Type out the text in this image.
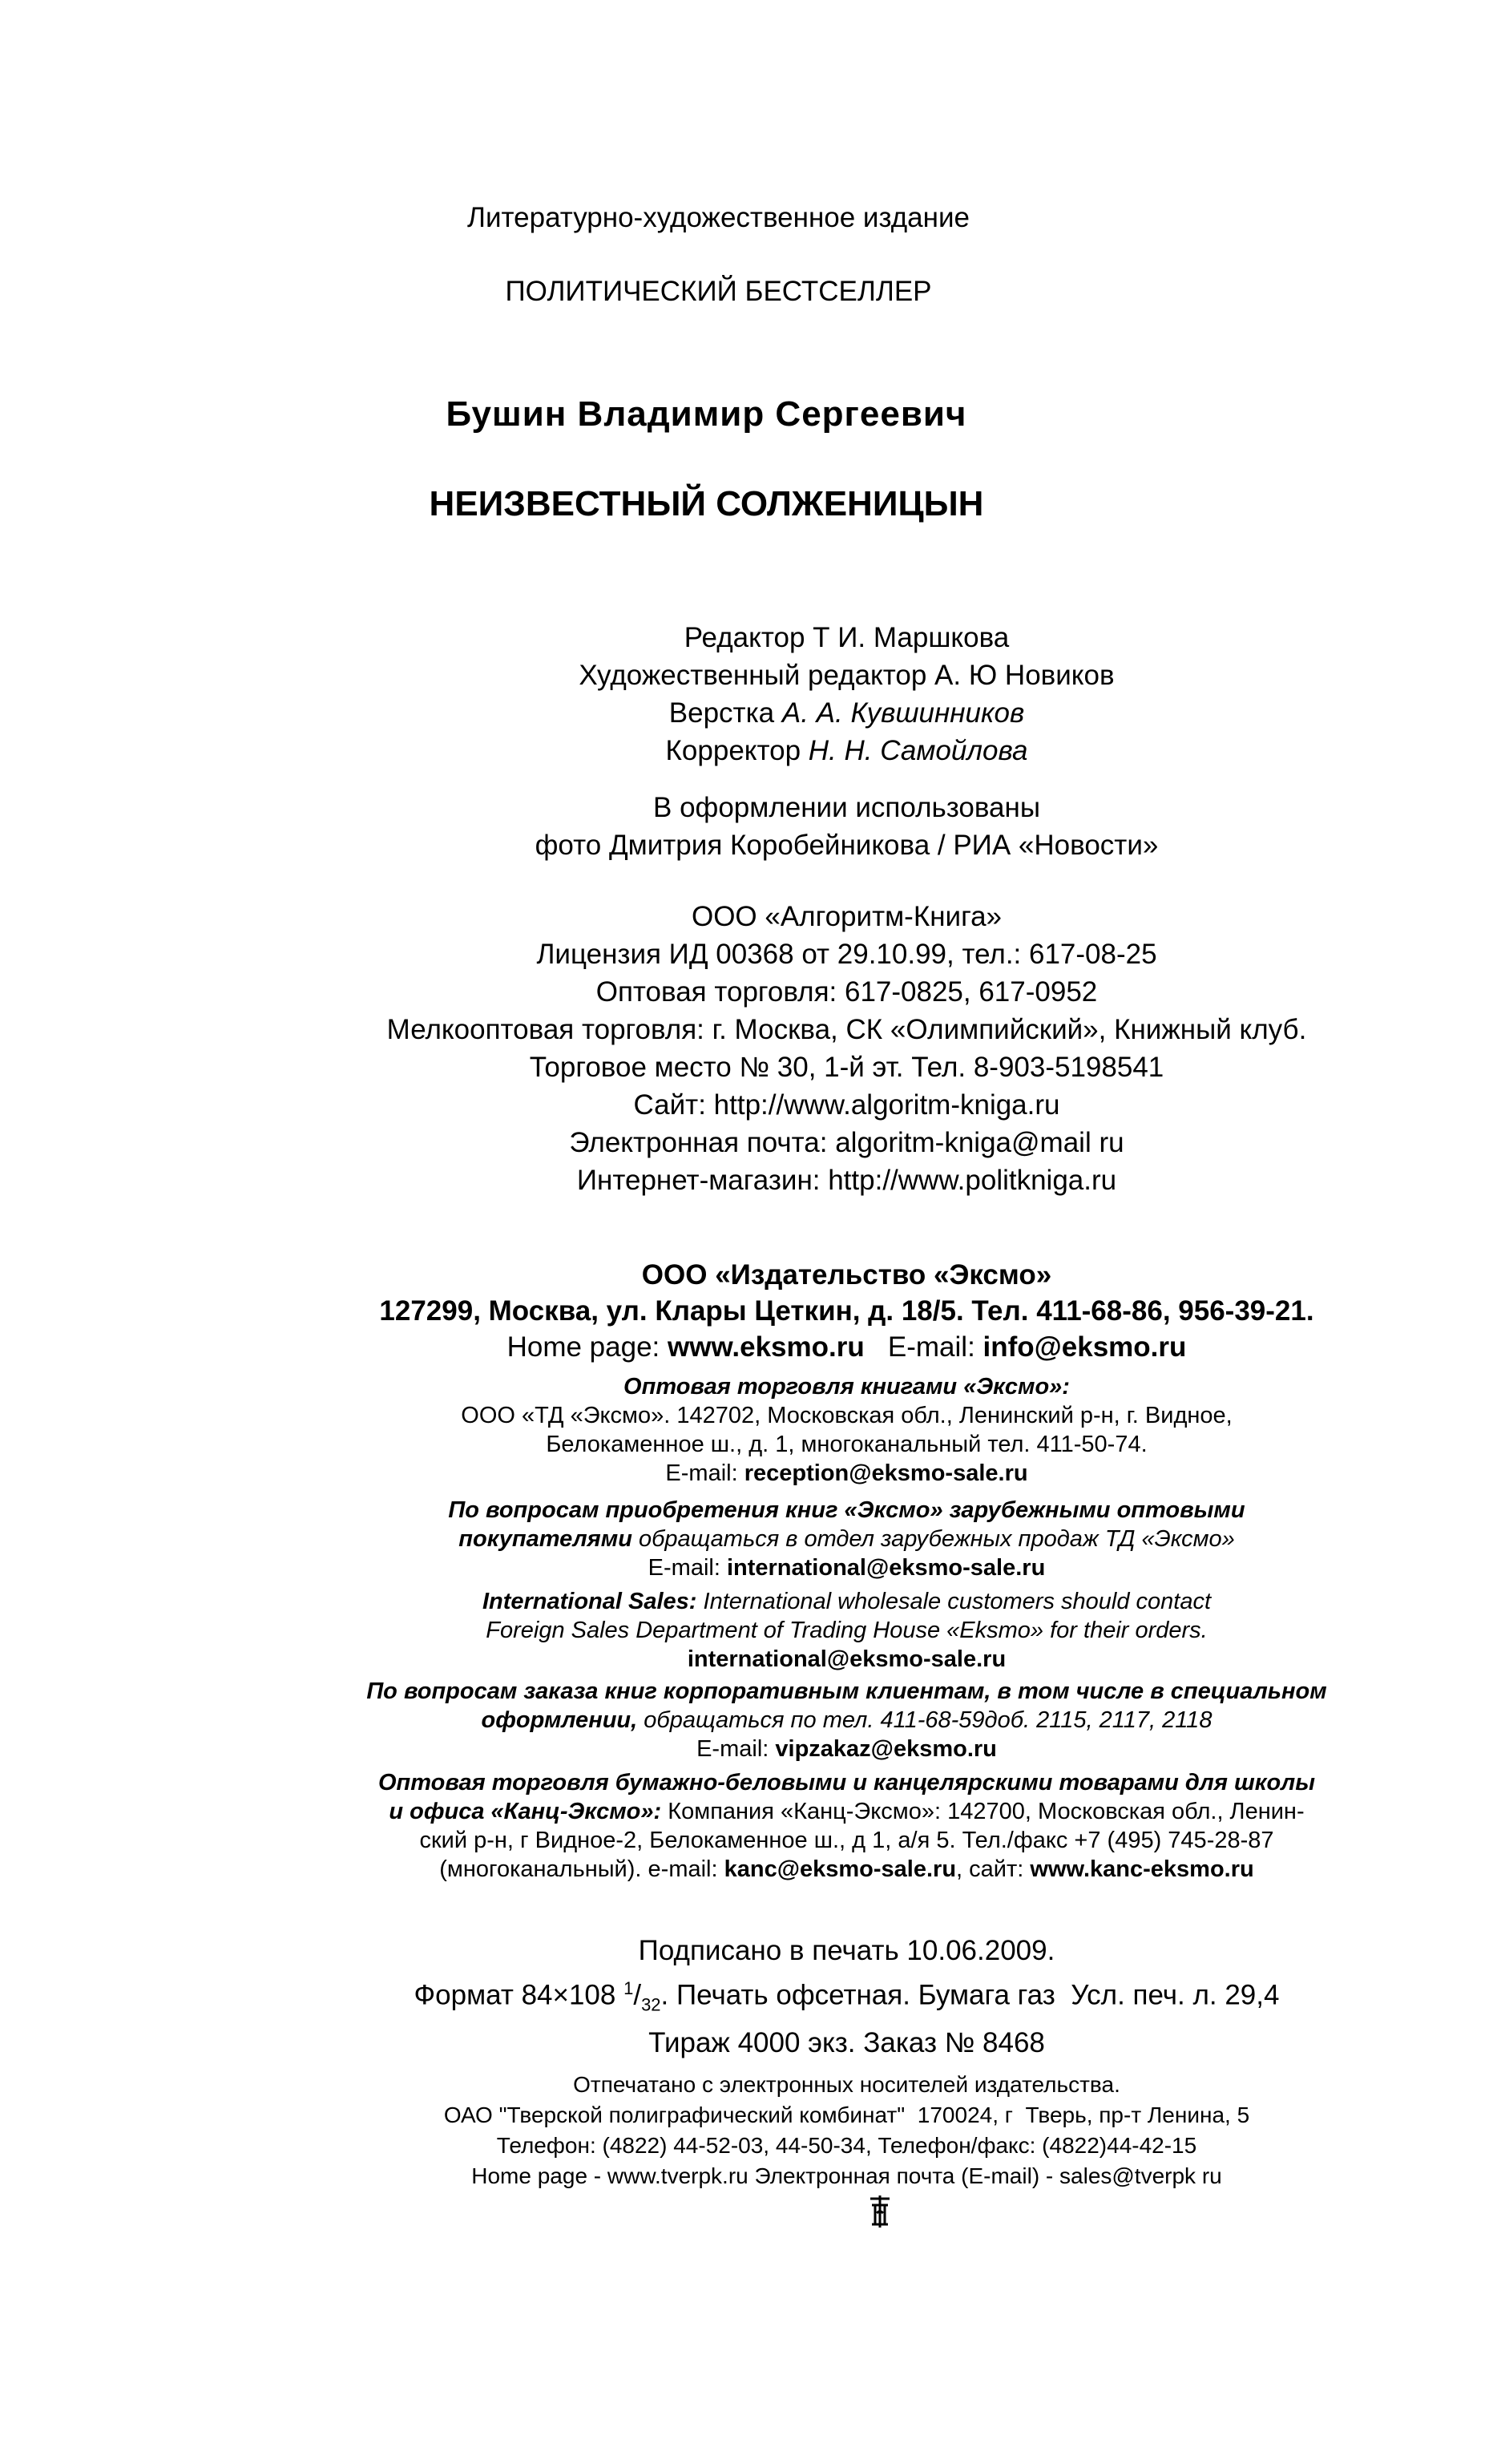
Литературно-художественное издание
ПОЛИТИЧЕСКИЙ БЕСТСЕЛЛЕР
Бушин Владимир Сергеевич
НЕИЗВЕСТНЫЙ СОЛЖЕНИЦЫН
Редактор Т И. Маршкова
Художественный редактор А. Ю Новиков
Верстка А. А. Кувшинников
Корректор Н. Н. Самойлова
В оформлении использованы
фото Дмитрия Коробейникова / РИА «Новости»
ООО «Алгоритм-Книга»
Лицензия ИД 00368 от 29.10.99, тел.: 617-08-25
Оптовая торговля: 617-0825, 617-0952
Мелкооптовая торговля: г. Москва, СК «Олимпийский», Книжный клуб.
Торговое место № 30, 1-й эт. Тел. 8-903-5198541
Сайт: http://www.algoritm-kniga.ru
Электронная почта: algoritm-kniga@mail ru
Интернет-магазин: http://www.politkniga.ru
ООО «Издательство «Эксмо»
127299, Москва, ул. Клары Цеткин, д. 18/5. Тел. 411-68-86, 956-39-21.
Home page: www.eksmo.ru   E-mail: info@eksmo.ru
Оптовая торговля книгами «Эксмо»:
ООО «ТД «Эксмо». 142702, Московская обл., Ленинский р-н, г. Видное,
Белокаменное ш., д. 1, многоканальный тел. 411-50-74.
E-mail: reception@eksmo-sale.ru
По вопросам приобретения книг «Эксмо» зарубежными оптовыми
покупателями обращаться в отдел зарубежных продаж ТД «Эксмо»
E-mail: international@eksmo-sale.ru
International Sales: International wholesale customers should contact
Foreign Sales Department of Trading House «Eksmo» for their orders.
international@eksmo-sale.ru
По вопросам заказа книг корпоративным клиентам, в том числе в специальном
оформлении, обращаться по тел. 411-68-59доб. 2115, 2117, 2118
E-mail: vipzakaz@eksmo.ru
Оптовая торговля бумажно-беловыми и канцелярскими товарами для школы
и офиса «Канц-Эксмо»: Компания «Канц-Эксмо»: 142700, Московская обл., Ленин-
ский р-н, г Видное-2, Белокаменное ш., д 1, а/я 5. Тел./факс +7 (495) 745-28-87
(многоканальный). e-mail: kanc@eksmo-sale.ru, сайт: www.kanc-eksmo.ru
Подписано в печать 10.06.2009.
Формат 84×108 $^1/_{32}$. Печать офсетная. Бумага газ  Усл. печ. л. 29,4
Тираж 4000 экз. Заказ № 8468
Отпечатано с электронных носителей издательства.
ОАО "Тверской полиграфический комбинат"  170024, г  Тверь, пр-т Ленина, 5
Телефон: (4822) 44-52-03, 44-50-34, Телефон/факс: (4822)44-42-15
Home page - www.tverpk.ru Электронная почта (E-mail) - sales@tverpk ru
